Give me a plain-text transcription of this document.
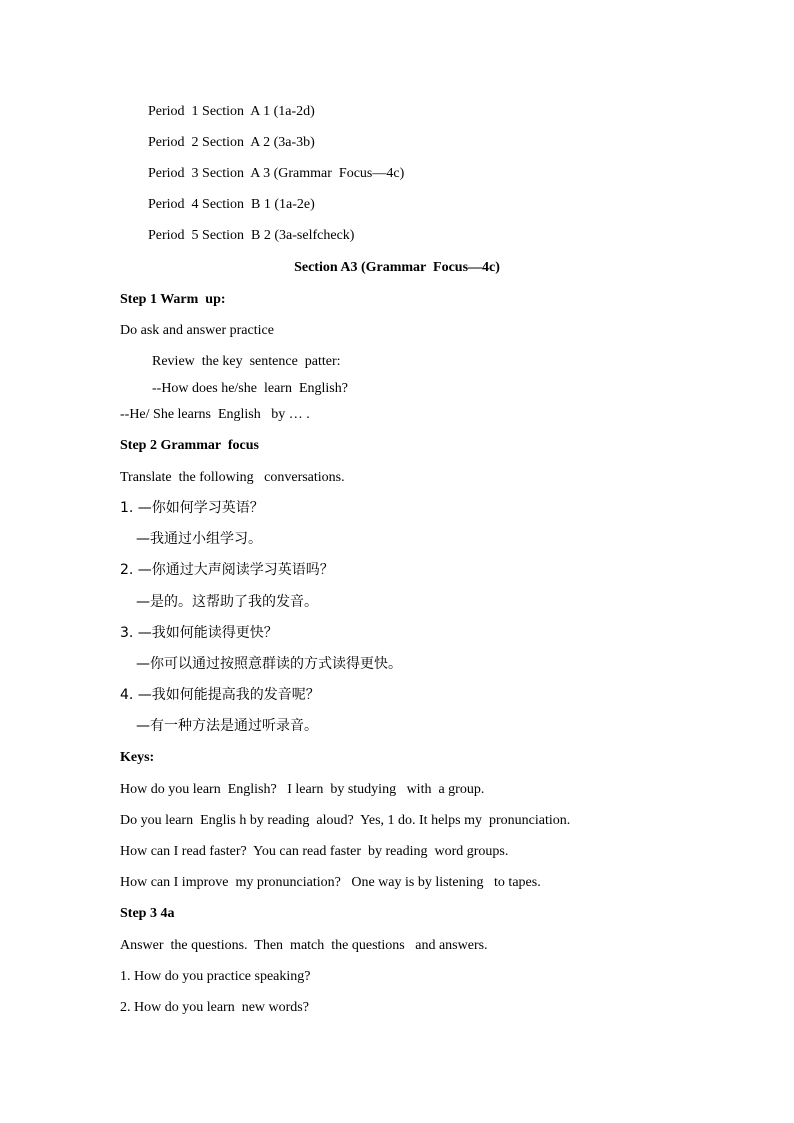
Period  1 Section  A 1 (1a-2d)
Period  2 Section  A 2 (3a-3b)
Period  3 Section  A 3 (Grammar  Focus—4c)
Period  4 Section  B 1 (1a-2e)
Period  5 Section  B 2 (3a-selfcheck)
Section A3 (Grammar  Focus—4c)
Step 1 Warm  up:
Do ask and answer practice
Review  the key  sentence  patter:
--How does he/she  learn  English?
--He/ She learns  English   by … .
Step 2 Grammar  focus
Translate  the following   conversations.
1. —你如何学习英语？
—我通过小组学习。
2. —你通过大声阅读学习英语吗？
—是的。这帮助了我的发音。
3. —我如何能读得更快？
—你可以通过按照意群读的方式读得更快。
4. —我如何能提高我的发音呢？
—有一种方法是通过听录音。
Keys:
How do you learn  English?   I learn  by studying   with  a group.
Do you learn  Englis h by reading  aloud?  Yes, 1 do. It helps my  pronunciation.
How can I read faster?  You can read faster  by reading  word groups.
How can I improve  my pronunciation?   One way is by listening   to tapes.
Step 3 4a
Answer  the questions.  Then  match  the questions   and answers.
1. How do you practice speaking?
2. How do you learn  new words?
